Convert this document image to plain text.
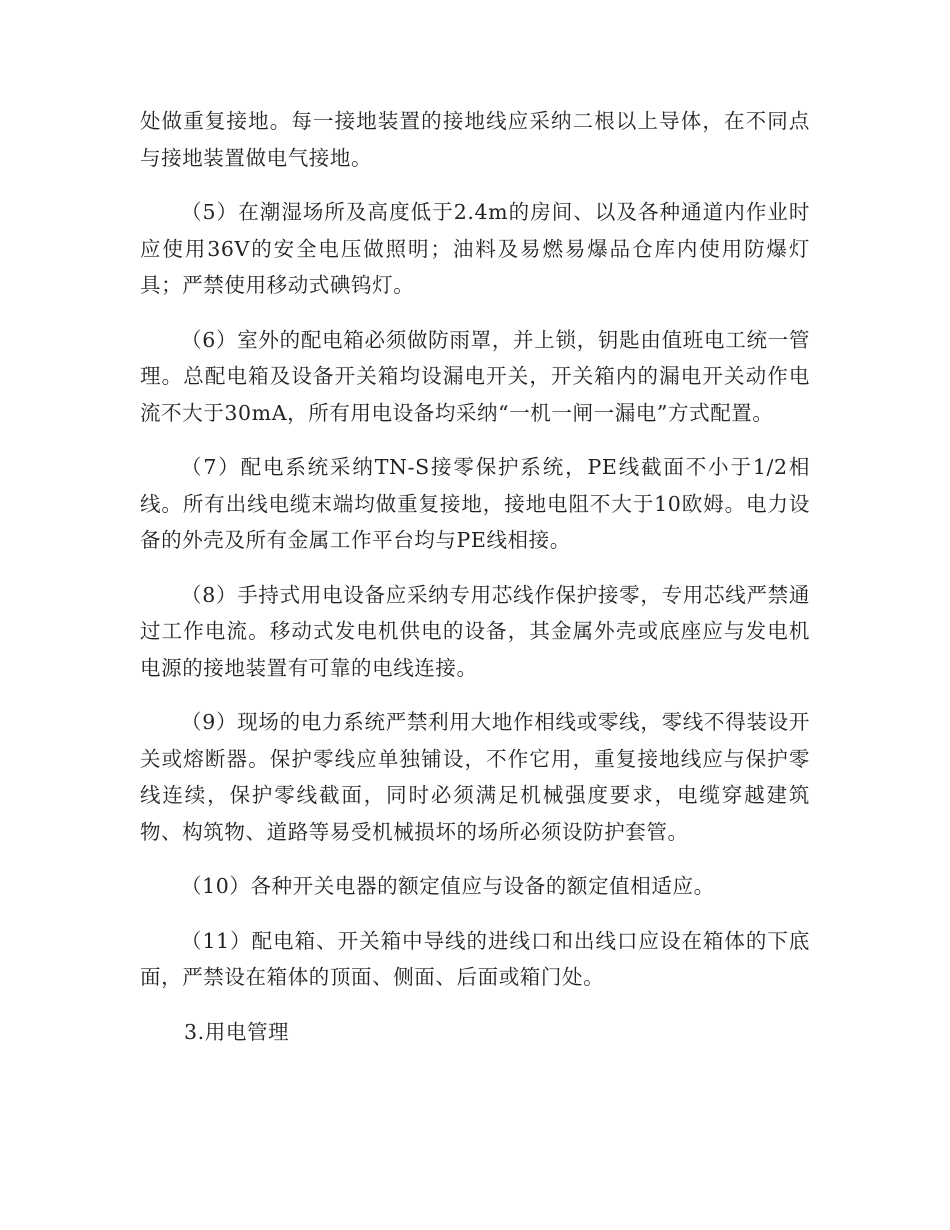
处做重复接地。每一接地装置的接地线应采纳二根以上导体，在不同点与接地装置做电气接地。

（5）在潮湿场所及高度低于2.4m的房间、以及各种通道内作业时应使用36V的安全电压做照明；油料及易燃易爆品仓库内使用防爆灯具；严禁使用移动式碘钨灯。

（6）室外的配电箱必须做防雨罩，并上锁，钥匙由值班电工统一管理。总配电箱及设备开关箱均设漏电开关，开关箱内的漏电开关动作电流不大于30mA，所有用电设备均采纳“一机一闸一漏电”方式配置。

（7）配电系统采纳TN-S接零保护系统，PE线截面不小于1/2相线。所有出线电缆末端均做重复接地，接地电阻不大于10欧姆。电力设备的外壳及所有金属工作平台均与PE线相接。

（8）手持式用电设备应采纳专用芯线作保护接零，专用芯线严禁通过工作电流。移动式发电机供电的设备，其金属外壳或底座应与发电机电源的接地装置有可靠的电线连接。

（9）现场的电力系统严禁利用大地作相线或零线，零线不得装设开关或熔断器。保护零线应单独铺设，不作它用，重复接地线应与保护零线连续，保护零线截面，同时必须满足机械强度要求，电缆穿越建筑物、构筑物、道路等易受机械损坏的场所必须设防护套管。

（10）各种开关电器的额定值应与设备的额定值相适应。

（11）配电箱、开关箱中导线的进线口和出线口应设在箱体的下底面，严禁设在箱体的顶面、侧面、后面或箱门处。

3.用电管理
